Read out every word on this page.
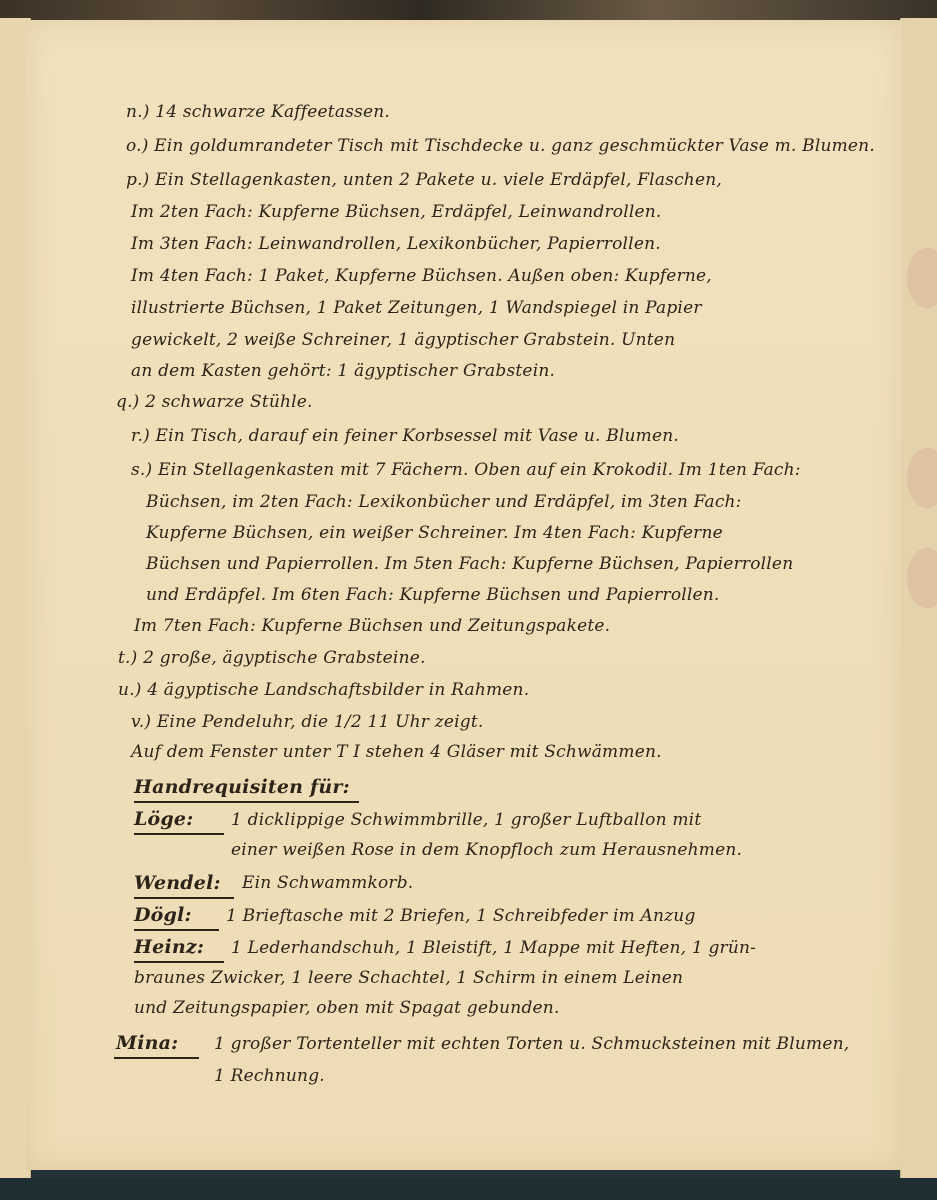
n.) 14 schwarze Kaffeetassen.
o.) Ein goldumrandeter Tisch mit Tischdecke u. ganz geschmückter Vase m. Blumen.
p.) Ein Stellagenkasten, unten 2 Pakete u. viele Erdäpfel, Flaschen,
Im 2ten Fach: Kupferne Büchsen, Erdäpfel, Leinwandrollen.
Im 3ten Fach: Leinwandrollen, Lexikonbücher, Papierrollen.
Im 4ten Fach: 1 Paket, Kupferne Büchsen. Außen oben: Kupferne,
illustrierte Büchsen, 1 Paket Zeitungen, 1 Wandspiegel in Papier
gewickelt, 2 weiße Schreiner, 1 ägyptischer Grabstein. Unten
an dem Kasten gehört: 1 ägyptischer Grabstein.
q.) 2 schwarze Stühle.
r.) Ein Tisch, darauf ein feiner Korbsessel mit Vase u. Blumen.
s.) Ein Stellagenkasten mit 7 Fächern. Oben auf ein Krokodil. Im 1ten Fach:
Büchsen, im 2ten Fach: Lexikonbücher und Erdäpfel, im 3ten Fach:
Kupferne Büchsen, ein weißer Schreiner. Im 4ten Fach: Kupferne
Büchsen und Papierrollen. Im 5ten Fach: Kupferne Büchsen, Papierrollen
und Erdäpfel. Im 6ten Fach: Kupferne Büchsen und Papierrollen.
Im 7ten Fach: Kupferne Büchsen und Zeitungspakete.
t.) 2 große, ägyptische Grabsteine.
u.) 4 ägyptische Landschaftsbilder in Rahmen.
v.) Eine Pendeluhr, die 1/2 11 Uhr zeigt.
Auf dem Fenster unter T I stehen 4 Gläser mit Schwämmen.
Handrequisiten für:
Löge: 1 dicklippige Schwimmbrille, 1 großer Luftballon mit
einer weißen Rose in dem Knopfloch zum Herausnehmen.
Wendel: Ein Schwammkorb.
Dögl: 1 Brieftasche mit 2 Briefen, 1 Schreibfeder im Anzug
Heinz: 1 Lederhandschuh, 1 Bleistift, 1 Mappe mit Heften, 1 grün-
braunes Zwicker, 1 leere Schachtel, 1 Schirm in einem Leinen
und Zeitungspapier, oben mit Spagat gebunden.
Mina: 1 großer Tortenteller mit echten Torten u. Schmucksteinen mit Blumen,
1 Rechnung.
